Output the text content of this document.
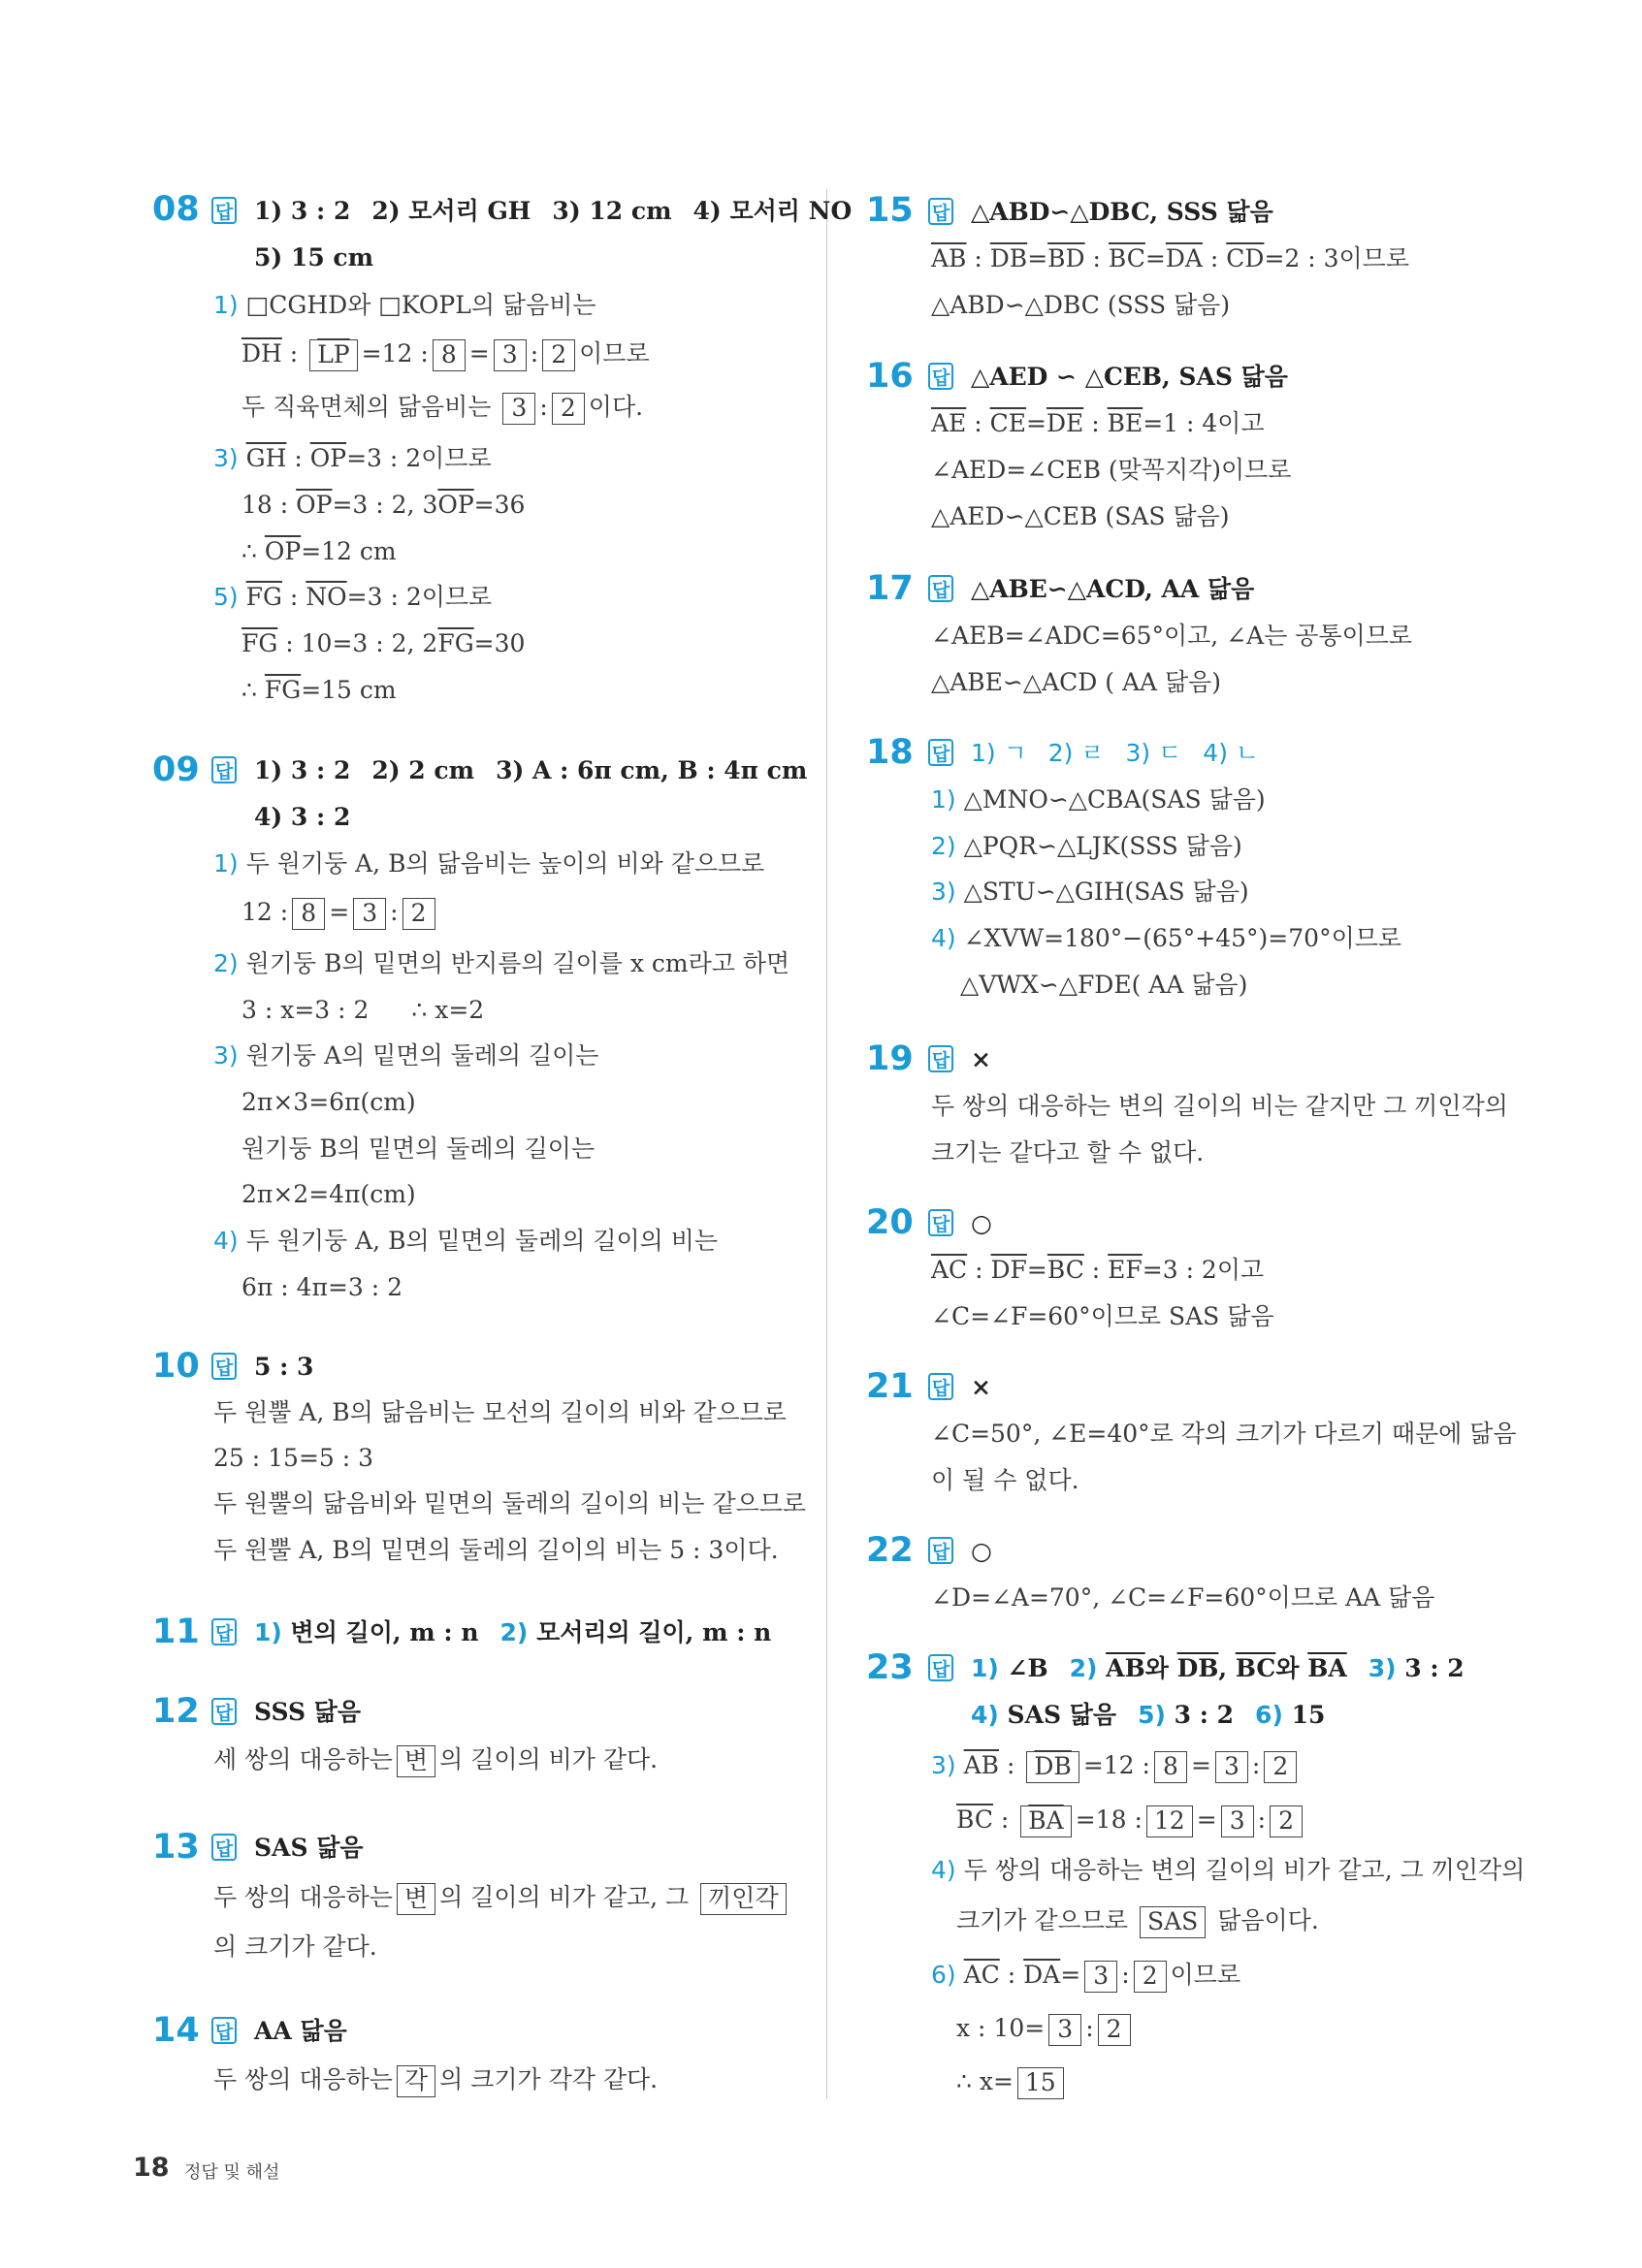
08 답 1) 3 : 2 2) 모서리 GH 3) 12 cm 4) 모서리 NO
5) 15 cm
1) □CGHD와 □KOPL의 닮음비는
$\overline{DH}$ : $\overline{LP} =12$ : 8 = 3 : 2 이므로
두 직육면체의 닮음비는 3 : 2 이다.
3) $\overline{GH}$ : $\overline{OP}=3$ : 2이므로
18 : $\overline{OP}=3$ : 2, $3\overline{OP}=36$
∴ $\overline{OP}=12$ cm
5) $\overline{FG}$ : $\overline{NO}=3$ : 2이므로
$\overline{FG}$ : 10=3 : 2, $2\overline{FG}=30$
∴ $\overline{FG}=15$ cm
09 답 1) 3 : 2 2) 2 cm 3) A : 6π cm, B : 4π cm
4) 3 : 2
1) 두 원기둥 A, B의 닮음비는 높이의 비와 같으므로
12 : 8 = 3 : 2
2) 원기둥 B의 밑면의 반지름의 길이를 x cm라고 하면
3 : x=3 : 2 ∴ x=2
3) 원기둥 A의 밑면의 둘레의 길이는
2π×3=6π(cm)
원기둥 B의 밑면의 둘레의 길이는
2π×2=4π(cm)
4) 두 원기둥 A, B의 밑면의 둘레의 길이의 비는
6π : 4π=3 : 2
10 답 5 : 3
두 원뿔 A, B의 닮음비는 모선의 길이의 비와 같으므로
25 : 15=5 : 3
두 원뿔의 닮음비와 밑면의 둘레의 길이의 비는 같으므로
두 원뿔 A, B의 밑면의 둘레의 길이의 비는 5 : 3이다.
11 답 1) 변의 길이, m : n 2) 모서리의 길이, m : n
12 답 SSS 닮음
세 쌍의 대응하는 변 의 길이의 비가 같다.
13 답 SAS 닮음
두 쌍의 대응하는 변 의 길이의 비가 같고, 그 끼인각
의 크기가 같다.
14 답 AA 닮음
두 쌍의 대응하는 각 의 크기가 각각 같다.
15 답 △ABD∽△DBC, SSS 닮음
$\overline{AB}$ : $\overline{DB}=\overline{BD}$ : $\overline{BC}=\overline{DA}$ : $\overline{CD}=2$ : 3이므로
△ABD∽△DBC (SSS 닮음)
16 답 △AED ∽ △CEB, SAS 닮음
$\overline{AE}$ : $\overline{CE}=\overline{DE}$ : $\overline{BE}=1$ : 4이고
∠AED=∠CEB (맞꼭지각)이므로
△AED∽△CEB (SAS 닮음)
17 답 △ABE∽△ACD, AA 닮음
∠AEB=∠ADC=65°이고, ∠A는 공통이므로
△ABE∽△ACD ( AA 닮음)
18 답 1) ㄱ 2) ㄹ 3) ㄷ 4) ㄴ
1) △MNO∽△CBA(SAS 닮음)
2) △PQR∽△LJK(SSS 닮음)
3) △STU∽△GIH(SAS 닮음)
4) ∠XVW=180°−(65°+45°)=70°이므로
△VWX∽△FDE( AA 닮음)
19 답 ×
두 쌍의 대응하는 변의 길이의 비는 같지만 그 끼인각의
크기는 같다고 할 수 없다.
20 답 ○
$\overline{AC}$ : $\overline{DF}=\overline{BC}$ : $\overline{EF}=3$ : 2이고
∠C=∠F=60°이므로 SAS 닮음
21 답 ×
∠C=50°, ∠E=40°로 각의 크기가 다르기 때문에 닮음
이 될 수 없다.
22 답 ○
∠D=∠A=70°, ∠C=∠F=60°이므로 AA 닮음
23 답 1) ∠B 2) $\overline{AB}$와 $\overline{DB}$, $\overline{BC}$와 $\overline{BA}$ 3) 3 : 2
4) SAS 닮음 5) 3 : 2 6) 15
3) $\overline{AB}$ : $\overline{DB} =12$ : 8 = 3 : 2
$\overline{BC}$ : $\overline{BA} =18$ : 12 = 3 : 2
4) 두 쌍의 대응하는 변의 길이의 비가 같고, 그 끼인각의
크기가 같으므로 SAS 닮음이다.
6) $\overline{AC}$ : $\overline{DA}= 3$ : 2 이므로
x : 10= 3 : 2
∴ x= 15
18 정답 및 해설
